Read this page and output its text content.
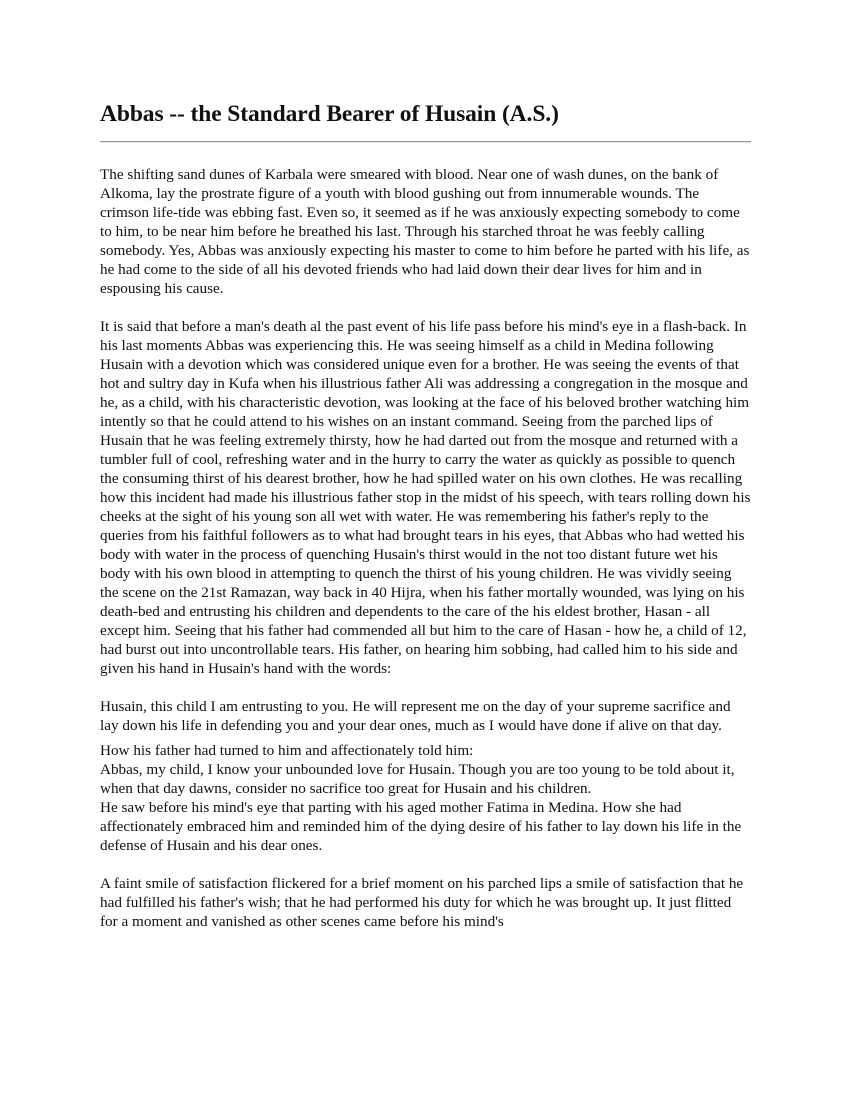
Abbas -- the Standard Bearer of Husain (A.S.)

The shifting sand dunes of Karbala were smeared with blood. Near one of wash dunes, on the bank of Alkoma, lay the prostrate figure of a youth with blood gushing out from innumerable wounds. The crimson life-tide was ebbing fast. Even so, it seemed as if he was anxiously expecting somebody to come to him, to be near him before he breathed his last. Through his starched throat he was feebly calling somebody. Yes, Abbas was anxiously expecting his master to come to him before he parted with his life, as he had come to the side of all his devoted friends who had laid down their dear lives for him and in espousing his cause.

It is said that before a man's death al the past event of his life pass before his mind's eye in a flash-back. In his last moments Abbas was experiencing this. He was seeing himself as a child in Medina following Husain with a devotion which was considered unique even for a brother. He was seeing the events of that hot and sultry day in Kufa when his illustrious father Ali was addressing a congregation in the mosque and he, as a child, with his characteristic devotion, was looking at the face of his beloved brother watching him intently so that he could attend to his wishes on an instant command. Seeing from the parched lips of Husain that he was feeling extremely thirsty, how he had darted out from the mosque and returned with a tumbler full of cool, refreshing water and in the hurry to carry the water as quickly as possible to quench the consuming thirst of his dearest brother, how he had spilled water on his own clothes. He was recalling how this incident had made his illustrious father stop in the midst of his speech, with tears rolling down his cheeks at the sight of his young son all wet with water. He was remembering his father's reply to the queries from his faithful followers as to what had brought tears in his eyes, that Abbas who had wetted his body with water in the process of quenching Husain's thirst would in the not too distant future wet his body with his own blood in attempting to quench the thirst of his young children. He was vividly seeing the scene on the 21st Ramazan, way back in 40 Hijra, when his father mortally wounded, was lying on his death-bed and entrusting his children and dependents to the care of the his eldest brother, Hasan - all except him. Seeing that his father had commended all but him to the care of Hasan - how he, a child of 12, had burst out into uncontrollable tears. His father, on hearing him sobbing, had called him to his side and given his hand in Husain's hand with the words:

Husain, this child I am entrusting to you. He will represent me on the day of your supreme sacrifice and lay down his life in defending you and your dear ones, much as I would have done if alive on that day.

How his father had turned to him and affectionately told him:

Abbas, my child, I know your unbounded love for Husain. Though you are too young to be told about it, when that day dawns, consider no sacrifice too great for Husain and his children.

He saw before his mind's eye that parting with his aged mother Fatima in Medina. How she had affectionately embraced him and reminded him of the dying desire of his father to lay down his life in the defense of Husain and his dear ones.

A faint smile of satisfaction flickered for a brief moment on his parched lips a smile of satisfaction that he had fulfilled his father's wish; that he had performed his duty for which he was brought up. It just flitted for a moment and vanished as other scenes came before his mind's
